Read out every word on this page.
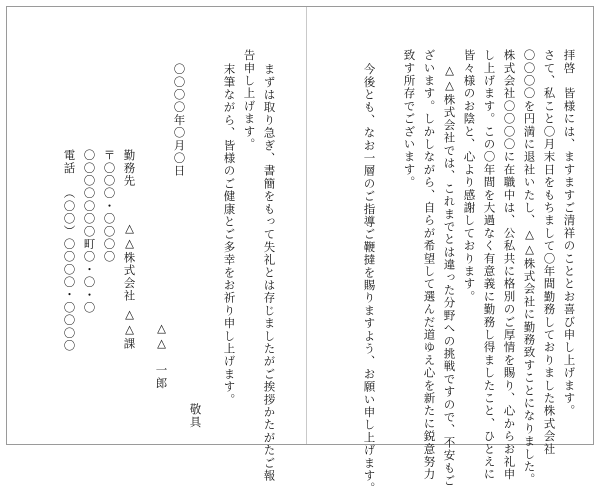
拝啓　皆様には、ますますご清祥のこととお喜び申し上げます。
さて、私こと〇月末日をもちまして〇年間勤務しておりました株式会社
〇〇〇〇を円満に退社いたし、△△株式会社に勤務致すことになりました。
株式会社〇〇〇〇に在職中は、公私共に格別のご厚情を賜り、心からお礼申
し上げます。この〇年間を大過なく有意義に勤務し得ましたこと、ひとえに
皆々様のお陰と、心より感謝しております。
△△株式会社では、これまでとは違った分野への挑戦ですので、不安もご
ざいます。しかしながら、自らが希望して選んだ道ゆえ心を新たに鋭意努力
致す所存でございます。
今後とも、なお一層のご指導ご鞭撻を賜りますよう、お願い申し上げます。
まずは取り急ぎ、書簡をもって失礼とは存じましたがご挨拶かたがたご報
告申し上げます。
末筆ながら、皆様のご健康とご多幸をお祈り申し上げます。
敬具
△△　一郎
〇〇〇〇年〇月〇日
勤務先
△△株式会社
△△課
〒〇〇〇・〇〇〇〇
〇〇〇〇〇〇〇町〇・〇・〇
電話
（〇〇）〇〇〇〇・〇〇〇〇
